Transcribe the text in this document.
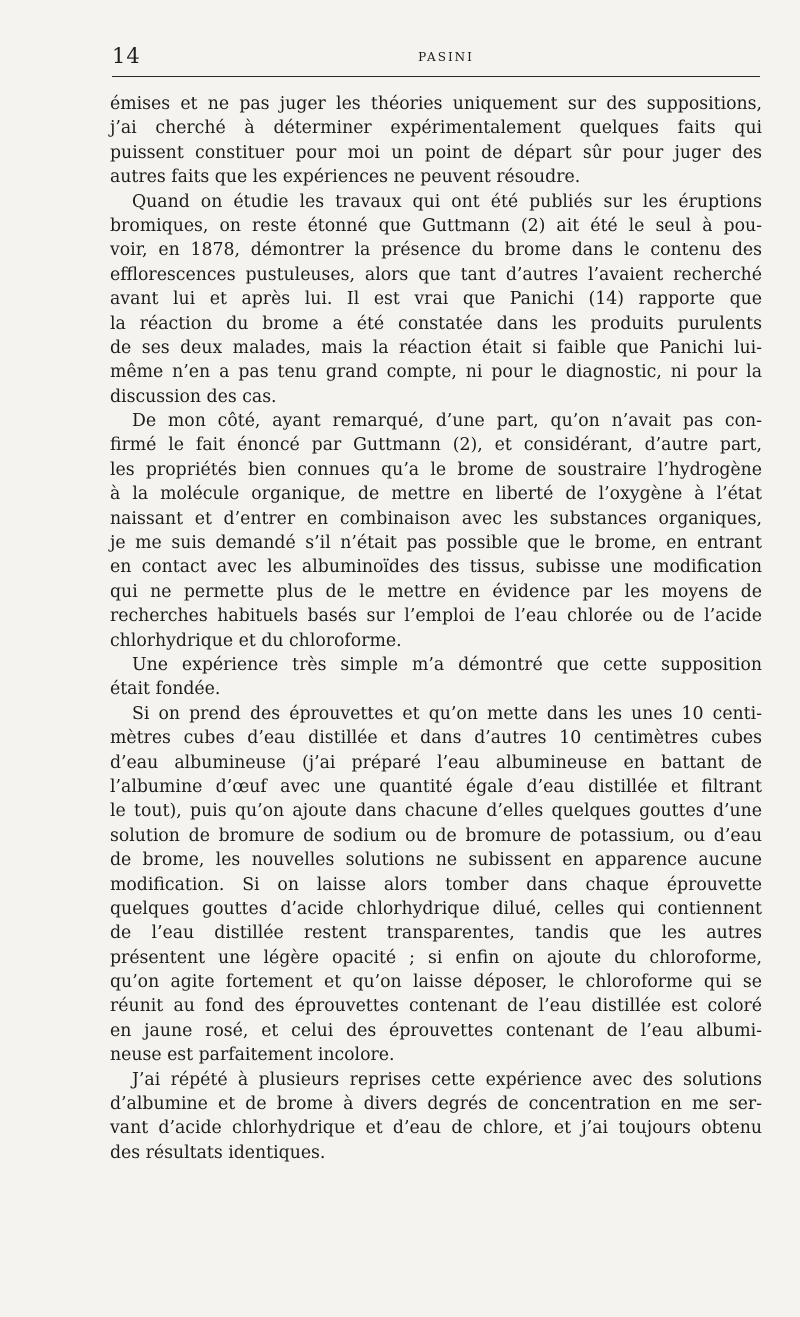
14	PASINI
émises et ne pas juger les théories uniquement sur des suppositions,
j’ai cherché à déterminer expérimentalement quelques faits qui
puissent constituer pour moi un point de départ sûr pour juger des
autres faits que les expériences ne peuvent résoudre.
Quand on étudie les travaux qui ont été publiés sur les éruptions
bromiques, on reste étonné que Guttmann (2) ait été le seul à pou-
voir, en 1878, démontrer la présence du brome dans le contenu des
efflorescences pustuleuses, alors que tant d’autres l’avaient recherché
avant lui et après lui. Il est vrai que Panichi (14) rapporte que
la réaction du brome a été constatée dans les produits purulents
de ses deux malades, mais la réaction était si faible que Panichi lui-
même n’en a pas tenu grand compte, ni pour le diagnostic, ni pour la
discussion des cas.
De mon côté, ayant remarqué, d’une part, qu’on n’avait pas con-
firmé le fait énoncé par Guttmann (2), et considérant, d’autre part,
les propriétés bien connues qu’a le brome de soustraire l’hydrogène
à la molécule organique, de mettre en liberté de l’oxygène à l’état
naissant et d’entrer en combinaison avec les substances organiques,
je me suis demandé s’il n’était pas possible que le brome, en entrant
en contact avec les albuminoïdes des tissus, subisse une modification
qui ne permette plus de le mettre en évidence par les moyens de
recherches habituels basés sur l’emploi de l’eau chlorée ou de l’acide
chlorhydrique et du chloroforme.
Une expérience très simple m’a démontré que cette supposition
était fondée.
Si on prend des éprouvettes et qu’on mette dans les unes 10 centi-
mètres cubes d’eau distillée et dans d’autres 10 centimètres cubes
d’eau albumineuse (j’ai préparé l’eau albumineuse en battant de
l’albumine d’œuf avec une quantité égale d’eau distillée et filtrant
le tout), puis qu’on ajoute dans chacune d’elles quelques gouttes d’une
solution de bromure de sodium ou de bromure de potassium, ou d’eau
de brome, les nouvelles solutions ne subissent en apparence aucune
modification. Si on laisse alors tomber dans chaque éprouvette
quelques gouttes d’acide chlorhydrique dilué, celles qui contiennent
de l’eau distillée restent transparentes, tandis que les autres
présentent une légère opacité ; si enfin on ajoute du chloroforme,
qu’on agite fortement et qu’on laisse déposer, le chloroforme qui se
réunit au fond des éprouvettes contenant de l’eau distillée est coloré
en jaune rosé, et celui des éprouvettes contenant de l’eau albumi-
neuse est parfaitement incolore.
J’ai répété à plusieurs reprises cette expérience avec des solutions
d’albumine et de brome à divers degrés de concentration en me ser-
vant d’acide chlorhydrique et d’eau de chlore, et j’ai toujours obtenu
des résultats identiques.
